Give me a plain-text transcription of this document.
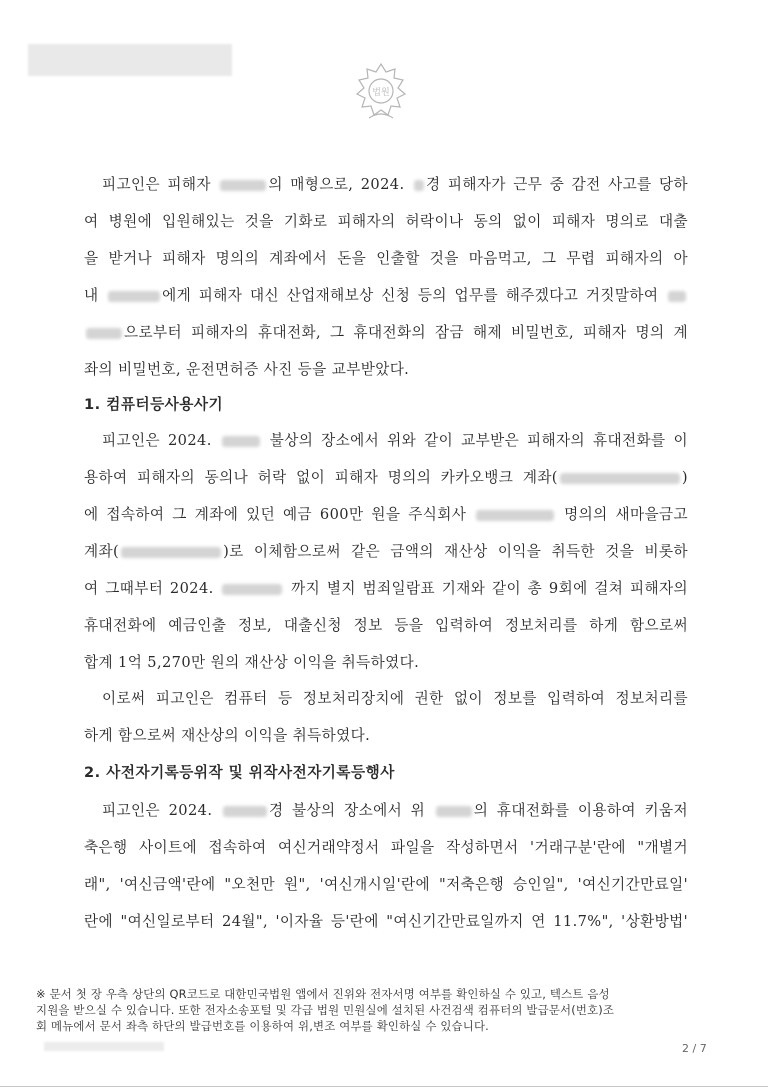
법원
피고인은 피해자	의 매형으로, 2024. 경 피해자가 근무 중 감전 사고를 당하
여 병원에 입원해있는 것을 기화로 피해자의 허락이나 동의 없이 피해자 명의로 대출
을 받거나 피해자 명의의 계좌에서 돈을 인출할 것을 마음먹고, 그 무렵 피해자의 아
내	에게 피해자 대신 산업재해보상 신청 등의 업무를 해주겠다고 거짓말하여
으로부터 피해자의 휴대전화, 그 휴대전화의 잠금 해제 비밀번호, 피해자 명의 계
좌의 비밀번호, 운전면허증 사진 등을 교부받았다.
1. 컴퓨터등사용사기
피고인은 2024.	불상의 장소에서 위와 같이 교부받은 피해자의 휴대전화를 이
용하여 피해자의 동의나 허락 없이 피해자 명의의 카카오뱅크 계좌(	)
에 접속하여 그 계좌에 있던 예금 600만 원을 주식회사	명의의 새마을금고
계좌(	)로 이체함으로써 같은 금액의 재산상 이익을 취득한 것을 비롯하
여 그때부터 2024.	까지 별지 범죄일람표 기재와 같이 총 9회에 걸쳐 피해자의
휴대전화에 예금인출 정보, 대출신청 정보 등을 입력하여 정보처리를 하게 함으로써
합계 1억 5,270만 원의 재산상 이익을 취득하였다.
이로써 피고인은 컴퓨터 등 정보처리장치에 권한 없이 정보를 입력하여 정보처리를
하게 함으로써 재산상의 이익을 취득하였다.
2. 사전자기록등위작 및 위작사전자기록등행사
피고인은 2024.	경 불상의 장소에서 위	의 휴대전화를 이용하여 키움저
축은행 사이트에 접속하여 여신거래약정서 파일을 작성하면서 '거래구분'란에 "개별거
래", '여신금액'란에 "오천만 원", '여신개시일'란에 "저축은행 승인일", '여신기간만료일'
란에 "여신일로부터 24월", '이자율 등'란에 "여신기간만료일까지 연 11.7%", '상환방법'
※ 문서 첫 장 우측 상단의 QR코드로 대한민국법원 앱에서 진위와 전자서명 여부를 확인하실 수 있고, 텍스트 음성
지원을 받으실 수 있습니다. 또한 전자소송포털 및 각급 법원 민원실에 설치된 사건검색 컴퓨터의 발급문서(번호)조
회 메뉴에서 문서 좌측 하단의 발급번호를 이용하여 위,변조 여부를 확인하실 수 있습니다.
2 / 7
